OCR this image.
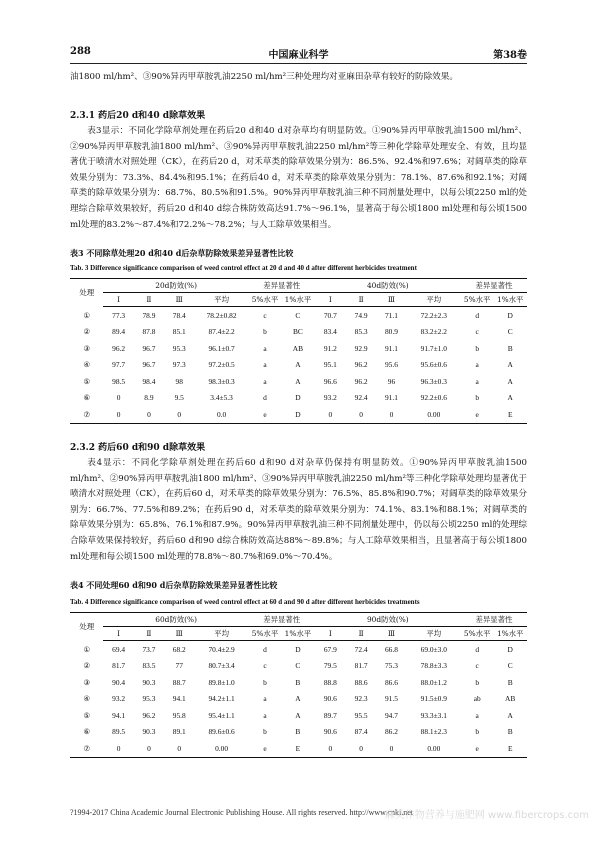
288	中国麻业科学	第38卷
油1800 ml/hm²、③90%异丙甲草胺乳油2250 ml/hm²三种处理均对亚麻田杂草有较好的防除效果。
2.3.1 药后20 d和40 d除草效果
表3显示：不同化学除草剂处理在药后20 d和40 d对杂草均有明显防效。①90%异丙甲草胺乳油1500 ml/hm²、②90%异丙甲草胺乳油1800 ml/hm²、③90%异丙甲草胺乳油2250 ml/hm²等三种化学除草处理安全、有效，且均显著优于喷清水对照处理（CK），在药后20 d，对禾草类的除草效果分别为：86.5%、92.4%和97.6%；对阔草类的除草效果分别为：73.3%、84.4%和95.1%；在药后40 d，对禾草类的除草效果分别为：78.1%、87.6%和92.1%；对阔草类的除草效果分别为：68.7%、80.5%和91.5%。90%异丙甲草胺乳油三种不同剂量处理中，以每公顷2250 ml的处理综合除草效果较好，药后20 d和40 d综合株防效高达91.7%～96.1%，显著高于每公顷1800 ml处理和每公顷1500 ml处理的83.2%～87.4%和72.2%～78.2%；与人工除草效果相当。
表3 不同除草处理20 d和40 d后杂草防除效果差异显著性比较
Tab. 3 Difference significance comparison of weed control effect at 20 d and 40 d after different herbicides treatment
处理	20d防效(%)				差异显著性		40d防效(%)				差异显著性	
	Ⅰ	Ⅱ	Ⅲ	平均	5%水平	1%水平	Ⅰ	Ⅱ	Ⅲ	平均	5%水平	1%水平
①	77.3	78.9	78.4	78.2±0.82	c	C	70.7	74.9	71.1	72.2±2.3	d	D
②	89.4	87.8	85.1	87.4±2.2	b	BC	83.4	85.3	80.9	83.2±2.2	c	C
③	96.2	96.7	95.3	96.1±0.7	a	AB	91.2	92.9	91.1	91.7±1.0	b	B
④	97.7	96.7	97.3	97.2±0.5	a	A	95.1	96.2	95.6	95.6±0.6	a	A
⑤	98.5	98.4	98	98.3±0.3	a	A	96.6	96.2	96	96.3±0.3	a	A
⑥	0	8.9	9.5	3.4±5.3	d	D	93.2	92.4	91.1	92.2±0.6	b	A
⑦	0	0	0	0.0	e	D	0	0	0	0.00	e	E
2.3.2 药后60 d和90 d除草效果
表4显示：不同化学除草剂处理在药后60 d和90 d对杂草仍保持有明显防效。①90%异丙甲草胺乳油1500 ml/hm²、②90%异丙甲草胺乳油1800 ml/hm²、③90%异丙甲草胺乳油2250 ml/hm²等三种化学除草处理均显著优于喷清水对照处理（CK），在药后60 d，对禾草类的除草效果分别为：76.5%、85.8%和90.7%；对阔草类的除草效果分别为：66.7%、77.5%和89.2%；在药后90 d，对禾草类的除草效果分别为：74.1%、83.1%和88.1%；对阔草类的除草效果分别为：65.8%、76.1%和87.9%。90%异丙甲草胺乳油三种不同剂量处理中，仍以每公顷2250 ml的处理综合除草效果保持较好，药后60 d和90 d综合株防效高达88%～89.8%；与人工除草效果相当，且显著高于每公顷1800 ml处理和每公顷1500 ml处理的78.8%～80.7%和69.0%～70.4%。
表4 不同处理60 d和90 d后杂草防除效果差异显著性比较
Tab. 4 Difference significance comparison of weed control effect at 60 d and 90 d after different herbicides treatments
处理	60d防效(%)				差异显著性		90d防效(%)				差异显著性	
	Ⅰ	Ⅱ	Ⅲ	平均	5%水平	1%水平	Ⅰ	Ⅱ	Ⅲ	平均	5%水平	1%水平
①	69.4	73.7	68.2	70.4±2.9	d	D	67.9	72.4	66.8	69.0±3.0	d	D
②	81.7	83.5	77	80.7±3.4	c	C	79.5	81.7	75.3	78.8±3.3	c	C
③	90.4	90.3	88.7	89.8±1.0	b	B	88.8	88.6	86.6	88.0±1.2	b	B
④	93.2	95.3	94.1	94.2±1.1	a	A	90.6	92.3	91.5	91.5±0.9	ab	AB
⑤	94.1	96.2	95.8	95.4±1.1	a	A	89.7	95.5	94.7	93.3±3.1	a	A
⑥	89.5	90.3	89.1	89.6±0.6	b	B	90.6	87.4	86.2	88.1±2.3	b	B
⑦	0	0	0	0.00	e	E	0	0	0	0.00	e	E
?1994-2017 China Academic Journal Electronic Publishing House. All rights reserved. http://www.cnki.net
麻类作物营养与施肥网 www.fibercrops.com
